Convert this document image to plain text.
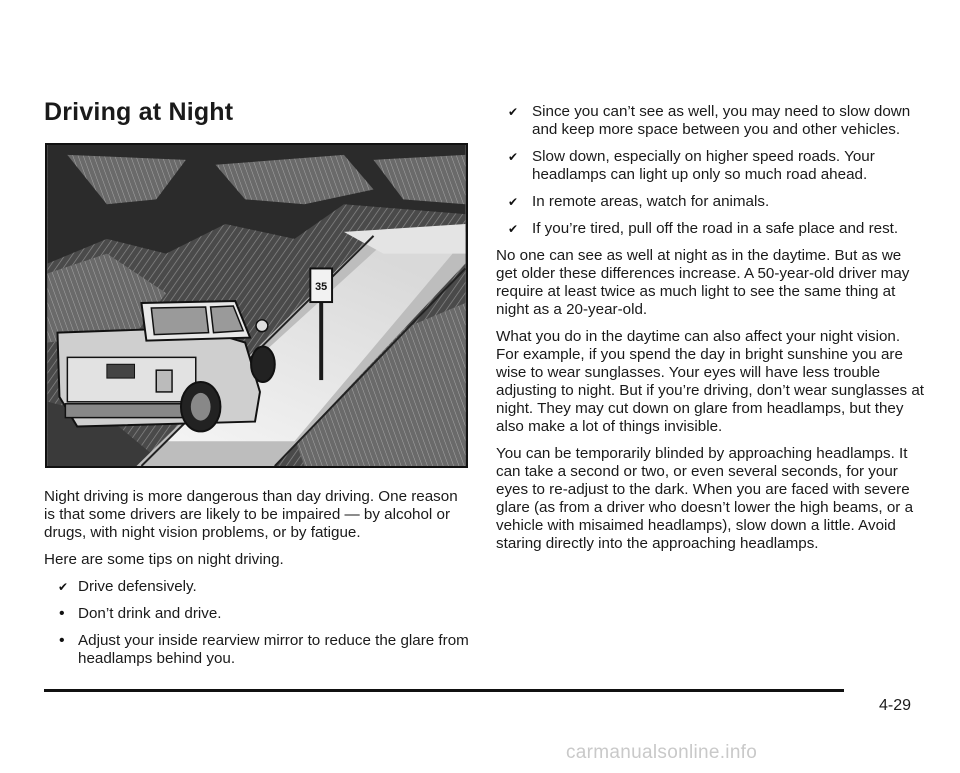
Driving at Night
35

Night driving is more dangerous than day driving. One reason is that some drivers are likely to be impaired — by alcohol or drugs, with night vision problems, or by fatigue.

Here are some tips on night driving.

✔ Drive defensively.
• Don’t drink and drive.
• Adjust your inside rearview mirror to reduce the glare from headlamps behind you.
✔ Since you can’t see as well, you may need to slow down and keep more space between you and other vehicles.
✔ Slow down, especially on higher speed roads. Your headlamps can light up only so much road ahead.
✔ In remote areas, watch for animals.
✔ If you’re tired, pull off the road in a safe place and rest.

No one can see as well at night as in the daytime. But as we get older these differences increase. A 50-year-old driver may require at least twice as much light to see the same thing at night as a 20-year-old.

What you do in the daytime can also affect your night vision. For example, if you spend the day in bright sunshine you are wise to wear sunglasses. Your eyes will have less trouble adjusting to night. But if you’re driving, don’t wear sunglasses at night. They may cut down on glare from headlamps, but they also make a lot of things invisible.

You can be temporarily blinded by approaching headlamps. It can take a second or two, or even several seconds, for your eyes to re-adjust to the dark. When you are faced with severe glare (as from a driver who doesn’t lower the high beams, or a vehicle with misaimed headlamps), slow down a little. Avoid staring directly into the approaching headlamps.

4-29
carmanualsonline.info
